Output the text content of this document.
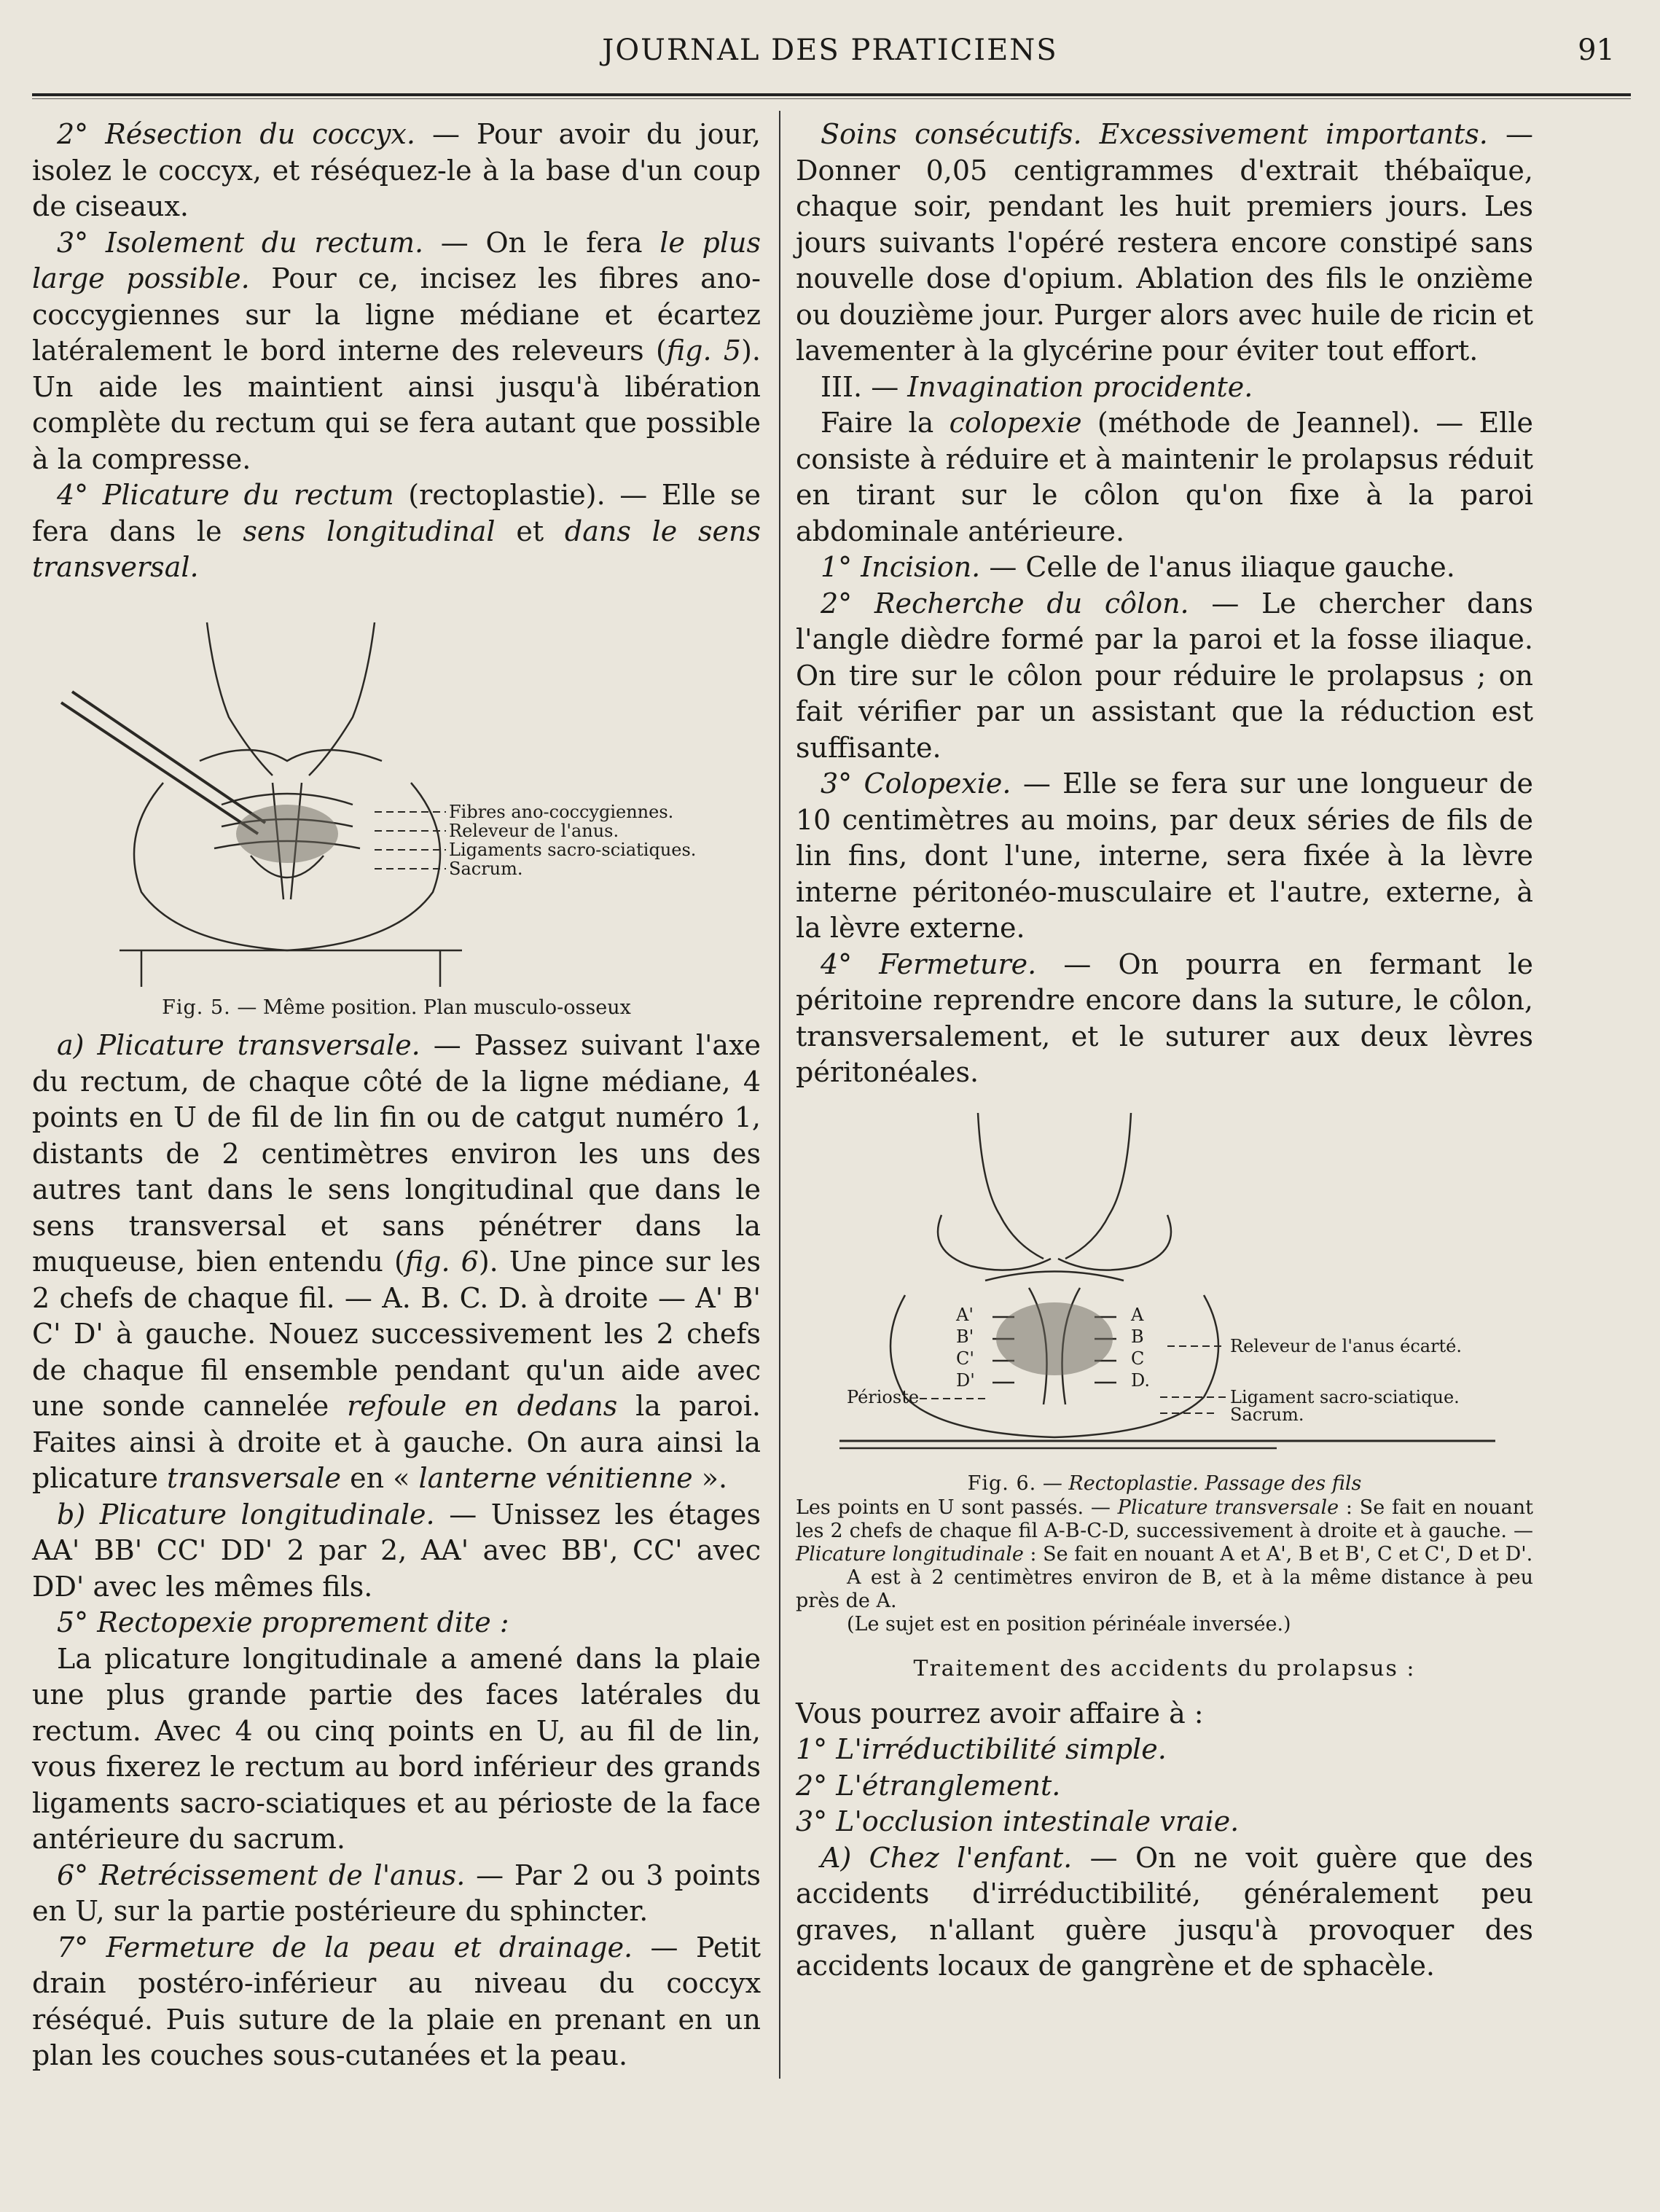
JOURNAL DES PRATICIENS	91

2° Résection du coccyx. — Pour avoir du jour, isolez le coccyx, et réséquez-le à la base d'un coup de ciseaux.

3° Isolement du rectum. — On le fera le plus large possible. Pour ce, incisez les fibres ano-coccygiennes sur la ligne médiane et écartez latéralement le bord interne des releveurs (fig. 5). Un aide les maintient ainsi jusqu'à libération complète du rectum qui se fera autant que possible à la compresse.

4° Plicature du rectum (rectoplastie). — Elle se fera dans le sens longitudinal et dans le sens transversal.

Fibres ano-coccygiennes.
Releveur de l'anus.
Ligaments sacro-sciatiques.
Sacrum.

Fig. 5. — Même position. Plan musculo-osseux

a) Plicature transversale. — Passez suivant l'axe du rectum, de chaque côté de la ligne médiane, 4 points en U de fil de lin fin ou de catgut numéro 1, distants de 2 centimètres environ les uns des autres tant dans le sens longitudinal que dans le sens transversal et sans pénétrer dans la muqueuse, bien entendu (fig. 6). Une pince sur les 2 chefs de chaque fil. — A. B. C. D. à droite — A' B' C' D' à gauche. Nouez successivement les 2 chefs de chaque fil ensemble pendant qu'un aide avec une sonde cannelée refoule en dedans la paroi. Faites ainsi à droite et à gauche. On aura ainsi la plicature transversale en « lanterne vénitienne ».

b) Plicature longitudinale. — Unissez les étages AA' BB' CC' DD' 2 par 2, AA' avec BB', CC' avec DD' avec les mêmes fils.

5° Rectopexie proprement dite :

La plicature longitudinale a amené dans la plaie une plus grande partie des faces latérales du rectum. Avec 4 ou cinq points en U, au fil de lin, vous fixerez le rectum au bord inférieur des grands ligaments sacro-sciatiques et au périoste de la face antérieure du sacrum.

6° Retrécissement de l'anus. — Par 2 ou 3 points en U, sur la partie postérieure du sphincter.

7° Fermeture de la peau et drainage. — Petit drain postéro-inférieur au niveau du coccyx réséqué. Puis suture de la plaie en prenant en un plan les couches sous-cutanées et la peau.

Soins consécutifs. Excessivement importants. — Donner 0,05 centigrammes d'extrait thébaïque, chaque soir, pendant les huit premiers jours. Les jours suivants l'opéré restera encore constipé sans nouvelle dose d'opium. Ablation des fils le onzième ou douzième jour. Purger alors avec huile de ricin et lavementer à la glycérine pour éviter tout effort.

III. — Invagination procidente.

Faire la colopexie (méthode de Jeannel). — Elle consiste à réduire et à maintenir le prolapsus réduit en tirant sur le côlon qu'on fixe à la paroi abdominale antérieure.

1° Incision. — Celle de l'anus iliaque gauche.

2° Recherche du côlon. — Le chercher dans l'angle dièdre formé par la paroi et la fosse iliaque. On tire sur le côlon pour réduire le prolapsus ; on fait vérifier par un assistant que la réduction est suffisante.

3° Colopexie. — Elle se fera sur une longueur de 10 centimètres au moins, par deux séries de fils de lin fins, dont l'une, interne, sera fixée à la lèvre interne péritonéo-musculaire et l'autre, externe, à la lèvre externe.

4° Fermeture. — On pourra en fermant le péritoine reprendre encore dans la suture, le côlon, transversalement, et le suturer aux deux lèvres péritonéales.

A'
B'
C'
D'
A
B
C
D.
Périoste
Releveur de l'anus écarté.
Ligament sacro-sciatique.
Sacrum.

Fig. 6. — Rectoplastie. Passage des fils

Les points en U sont passés. — Plicature transversale : Se fait en nouant les 2 chefs de chaque fil A-B-C-D, successivement à droite et à gauche. — Plicature longitudinale : Se fait en nouant A et A', B et B', C et C', D et D'.

A est à 2 centimètres environ de B, et à la même distance à peu près de A.

(Le sujet est en position périnéale inversée.)

Traitement des accidents du prolapsus :

Vous pourrez avoir affaire à :

1° L'irréductibilité simple.

2° L'étranglement.

3° L'occlusion intestinale vraie.

A) Chez l'enfant. — On ne voit guère que des accidents d'irréductibilité, généralement peu graves, n'allant guère jusqu'à provoquer des accidents locaux de gangrène et de sphacèle.
